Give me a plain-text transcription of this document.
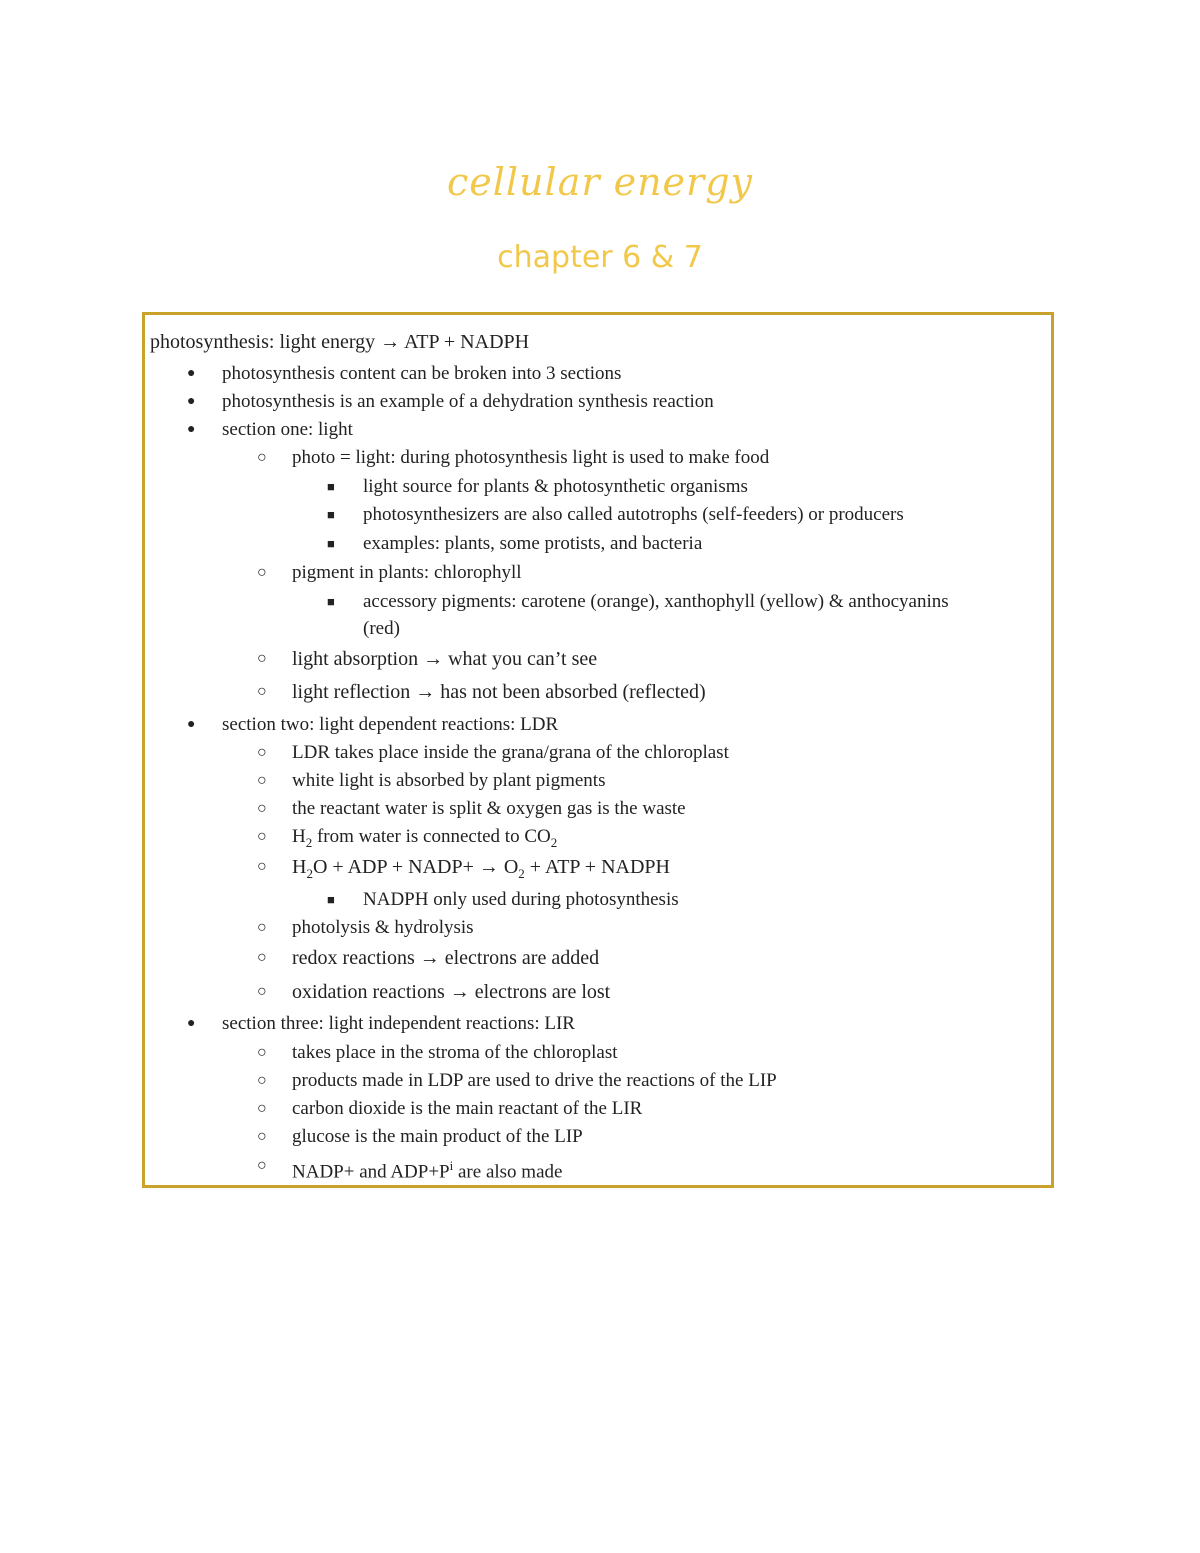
cellular energy
chapter 6 & 7
photosynthesis: light energy → ATP + NADPH
● photosynthesis content can be broken into 3 sections
● photosynthesis is an example of a dehydration synthesis reaction
● section one: light
○ photo = light: during photosynthesis light is used to make food
■ light source for plants & photosynthetic organisms
■ photosynthesizers are also called autotrophs (self-feeders) or producers
■ examples: plants, some protists, and bacteria
○ pigment in plants: chlorophyll
■ accessory pigments: carotene (orange), xanthophyll (yellow) & anthocyanins
(red)
○ light absorption → what you can’t see
○ light reflection → has not been absorbed (reflected)
● section two: light dependent reactions: LDR
○ LDR takes place inside the grana/grana of the chloroplast
○ white light is absorbed by plant pigments
○ the reactant water is split & oxygen gas is the waste
○ $H_2$ from water is connected to $CO_2$
○ $H_2O$ + ADP + NADP+ → $O_2$ + ATP + NADPH
■ NADPH only used during photosynthesis
○ photolysis & hydrolysis
○ redox reactions → electrons are added
○ oxidation reactions → electrons are lost
● section three: light independent reactions: LIR
○ takes place in the stroma of the chloroplast
○ products made in LDP are used to drive the reactions of the LIP
○ carbon dioxide is the main reactant of the LIR
○ glucose is the main product of the LIP
○ NADP+ and $ADP+P^i$ are also made
